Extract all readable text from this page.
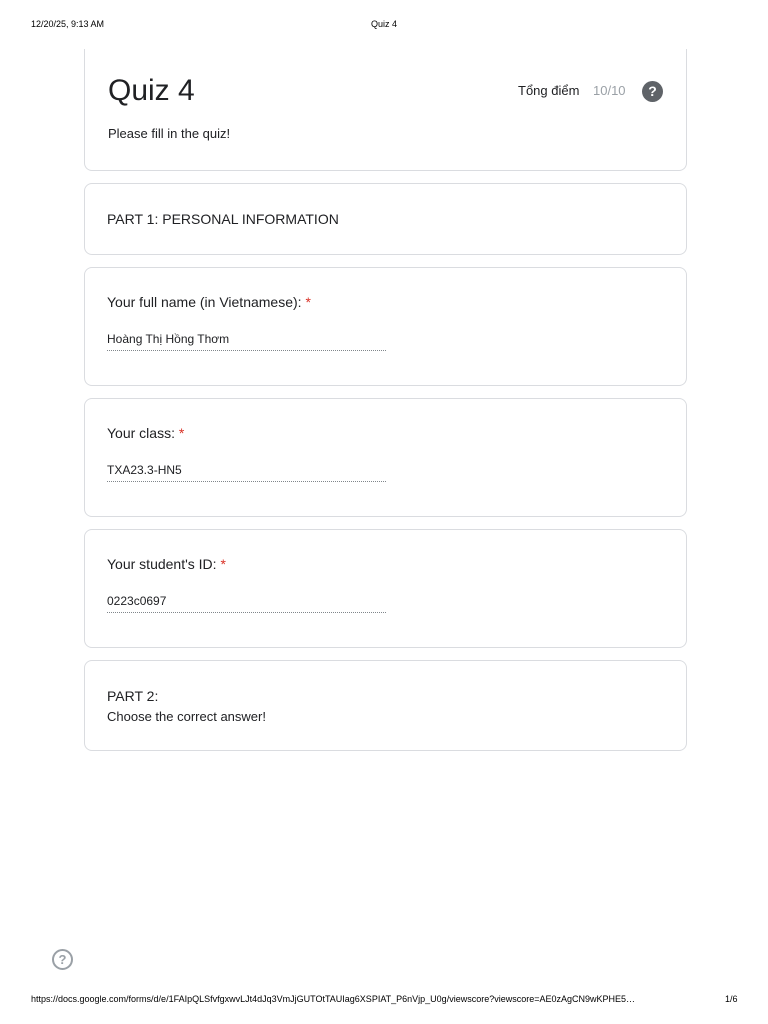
12/20/25, 9:13 AM	Quiz 4
Quiz 4
Please fill in the quiz!
Tổng điểm 10/10	?
PART 1: PERSONAL INFORMATION
Your full name (in Vietnamese): *
Hoàng Thị Hồng Thơm
Your class: *
TXA23.3-HN5
Your student's ID: *
0223c0697
PART 2:
Choose the correct answer!
?
https://docs.google.com/forms/d/e/1FAIpQLSfvfgxwvLJt4dJq3VmJjGUTOtTAUIag6XSPIAT_P6nVjp_U0g/viewscore?viewscore=AE0zAgCN9wKPHE5…	1/6
